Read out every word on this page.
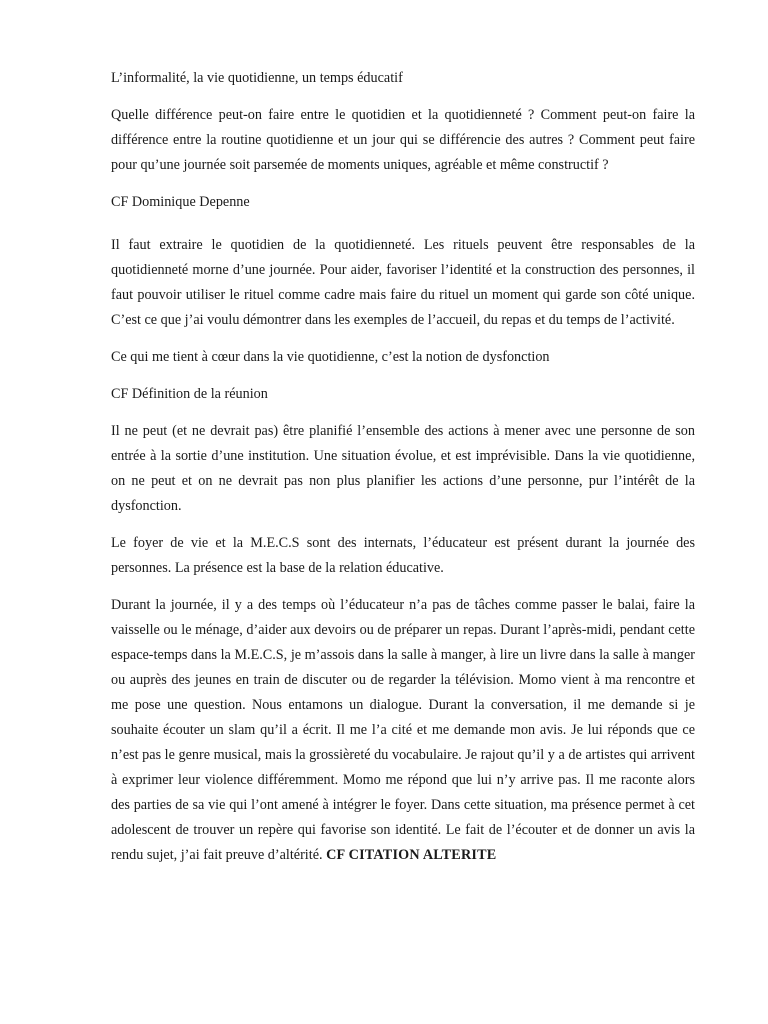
L’informalité, la vie quotidienne, un temps éducatif

Quelle différence peut-on faire entre le quotidien et la quotidienneté ? Comment peut-on faire la différence entre la routine quotidienne et un jour qui se différencie des autres ? Comment peut faire pour qu’une journée soit parsemée de moments uniques, agréable et même constructif ?

CF Dominique Depenne

Il faut extraire le quotidien de la quotidienneté. Les rituels peuvent être responsables de la quotidienneté morne d’une journée. Pour aider, favoriser l’identité et la construction des personnes, il faut pouvoir utiliser le rituel comme cadre mais faire du rituel un moment qui garde son côté unique. C’est ce que j’ai voulu démontrer dans les exemples de l’accueil, du repas et du temps de l’activité.

Ce qui me tient à cœur dans la vie quotidienne, c’est la notion de dysfonction

CF Définition de la réunion

Il ne peut (et ne devrait pas) être planifié l’ensemble des actions à mener avec une personne de son entrée à la sortie d’une institution. Une situation évolue, et est imprévisible. Dans la vie quotidienne, on ne peut et on ne devrait pas non plus planifier les actions d’une personne, pur l’intérêt de la dysfonction.

Le foyer de vie et la M.E.C.S sont des internats, l’éducateur est présent durant la journée des personnes. La présence est la base de la relation éducative.

Durant la journée, il y a des temps où l’éducateur n’a pas de tâches comme passer le balai, faire la vaisselle ou le ménage, d’aider aux devoirs ou de préparer un repas. Durant l’après-midi, pendant cette espace-temps dans la M.E.C.S, je m’assois dans la salle à manger, à lire un livre dans la salle à manger ou auprès des jeunes en train de discuter ou de regarder la télévision. Momo vient à ma rencontre et me pose une question. Nous entamons un dialogue. Durant la conversation, il me demande si je souhaite écouter un slam qu’il a écrit. Il me l’a cité et me demande mon avis. Je lui réponds que ce n’est pas le genre musical, mais la grossièreté du vocabulaire. Je rajout qu’il y a de artistes qui arrivent à exprimer leur violence différemment. Momo me répond que lui n’y arrive pas. Il me raconte alors des parties de sa vie qui l’ont amené à intégrer le foyer. Dans cette situation, ma présence permet à cet adolescent de trouver un repère qui favorise son identité. Le fait de l’écouter et de donner un avis la rendu sujet, j’ai fait preuve d’altérité. CF CITATION ALTERITE
